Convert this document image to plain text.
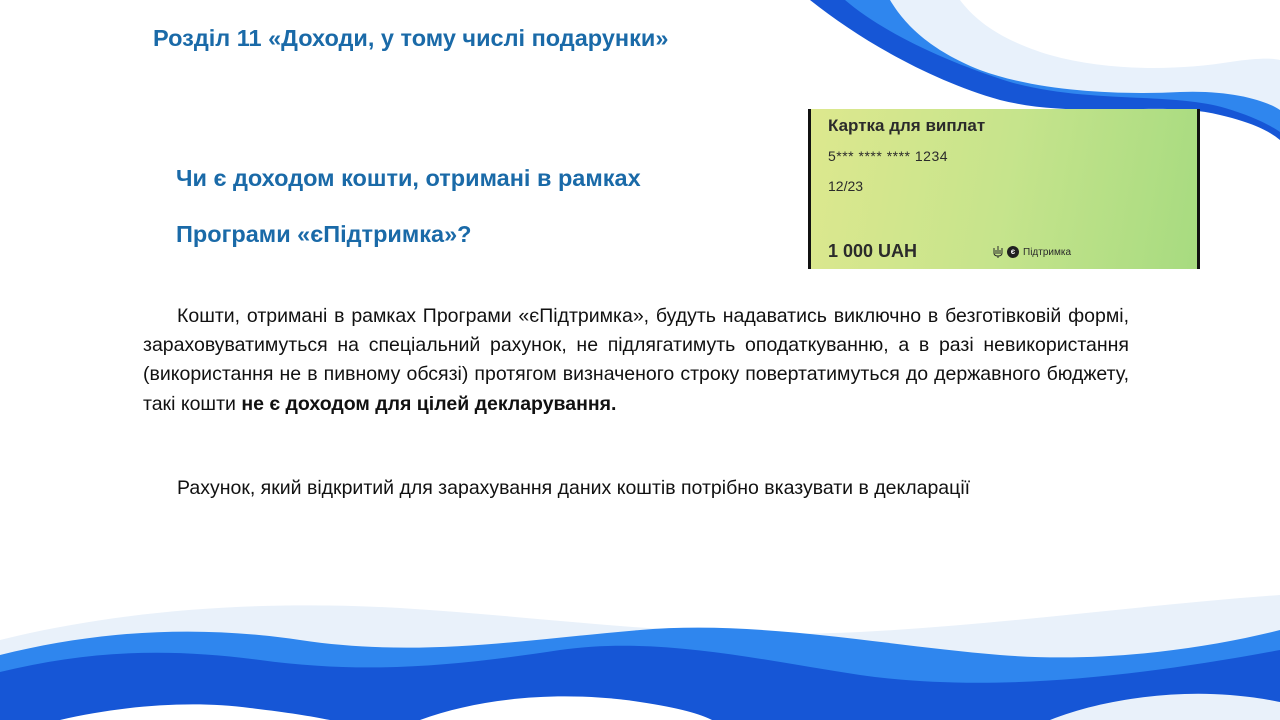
Розділ 11 «Доходи, у тому числі подарунки»
Чи є доходом кошти, отримані в рамках
Програми «єПідтримка»?
Картка для виплат
5*** **** **** 1234
12/23
1 000 UAH	є Підтримка

Кошти, отримані в рамках Програми «єПідтримка», будуть надаватись виключно в безготівковій формі, зараховуватимуться на спеціальний рахунок, не підлягатимуть оподаткуванню, а в разі невикористання (використання не в пивному обсязі) протягом визначеного строку повертатимуться до державного бюджету, такі кошти не є доходом для цілей декларування.

Рахунок, який відкритий для зарахування даних коштів потрібно вказувати в декларації
